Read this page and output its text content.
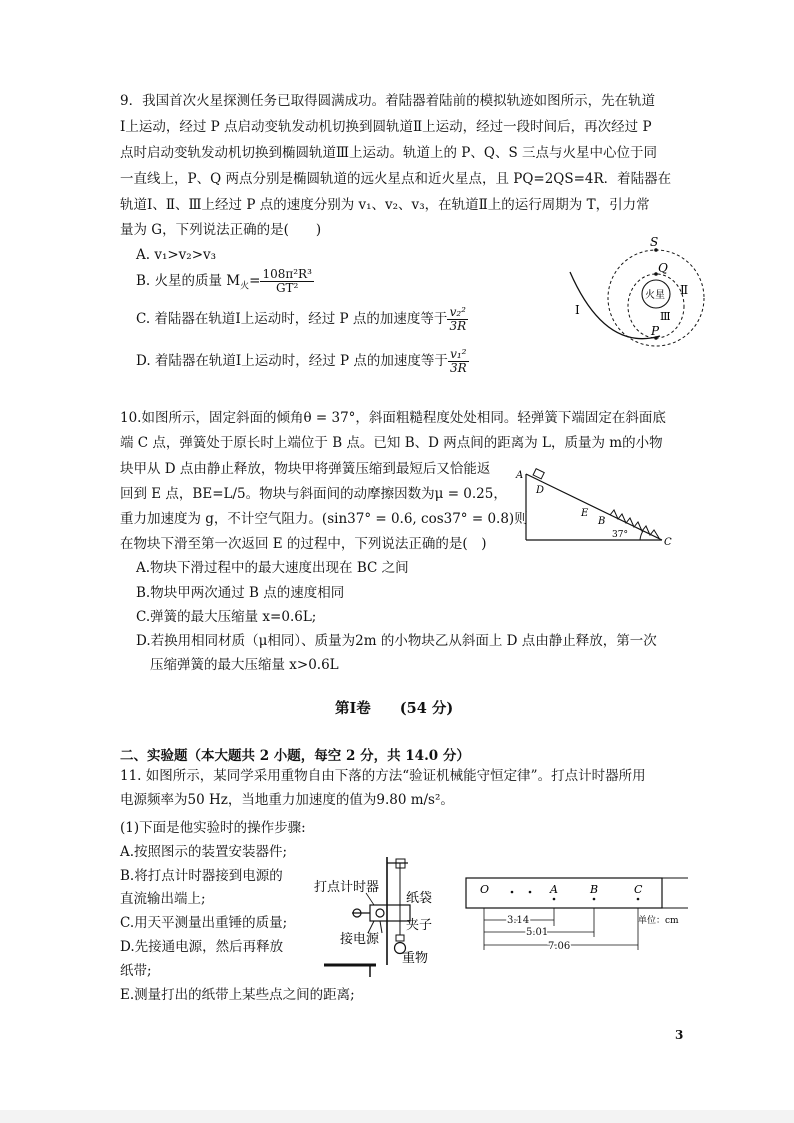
9．我国首次火星探测任务已取得圆满成功。着陆器着陆前的模拟轨迹如图所示，先在轨道
Ⅰ上运动，经过 P 点启动变轨发动机切换到圆轨道Ⅱ上运动，经过一段时间后，再次经过 P
点时启动变轨发动机切换到椭圆轨道Ⅲ上运动。轨道上的 P、Q、S 三点与火星中心位于同
一直线上，P、Q 两点分别是椭圆轨道的远火星点和近火星点，且 PQ=2QS=4R．着陆器在
轨道Ⅰ、Ⅱ、Ⅲ上经过 P 点的速度分别为 v₁、v₂、v₃，在轨道Ⅱ上的运行周期为 T，引力常
量为 G，下列说法正确的是(　　)
A. v₁>v₂>v₃
B. 火星的质量 $M_火= \frac{\text{108π²R³}}{\text{GT²}}$
C. 着陆器在轨道Ⅰ上运动时，经过 P 点的加速度等于 $\frac{\text{v₂²}}{3R}$
D. 着陆器在轨道Ⅰ上运动时，经过 P 点的加速度等于 $\frac{\text{v₁²}}{3R}$
S
Q
P
火星
Ⅰ
Ⅱ
Ⅲ
10.如图所示，固定斜面的倾角θ = 37°，斜面粗糙程度处处相同。轻弹簧下端固定在斜面底
端 C 点，弹簧处于原长时上端位于 B 点。已知 B、D 两点间的距离为 L，质量为 m的小物
块甲从 D 点由静止释放，物块甲将弹簧压缩到最短后又恰能返
回到 E 点，BE=L/5。物块与斜面间的动摩擦因数为μ = 0.25，
重力加速度为 g，不计空气阻力。(sin37° = 0.6, cos37° = 0.8)则
在物块下滑至第一次返回 E 的过程中，下列说法正确的是(　)
A.物块下滑过程中的最大速度出现在 BC 之间
B.物块甲两次通过 B 点的速度相同
C.弹簧的最大压缩量 x=0.6L;
D.若换用相同材质（μ相同）、质量为2m 的小物块乙从斜面上 D 点由静止释放，第一次
压缩弹簧的最大压缩量 x>0.6L
A
D
E
B
C
37°
第Ⅰ卷　　(54 分)
二、实验题（本大题共 2 小题，每空 2 分，共 14.0 分）
11. 如图所示，某同学采用重物自由下落的方法“验证机械能守恒定律”。打点计时器所用
电源频率为50 Hz，当地重力加速度的值为9.80 m/s²。
(1)下面是他实验时的操作步骤:
A.按照图示的装置安装器件;
B.将打点计时器接到电源的
直流输出端上;
C.用天平测量出重锤的质量;
D.先接通电源，然后再释放
纸带;
E.测量打出的纸带上某些点之间的距离;
打点计时器
纸袋
夹子
接电源
重物
O	A	B	C
3.14
5.01
7.06
单位：cm
3
